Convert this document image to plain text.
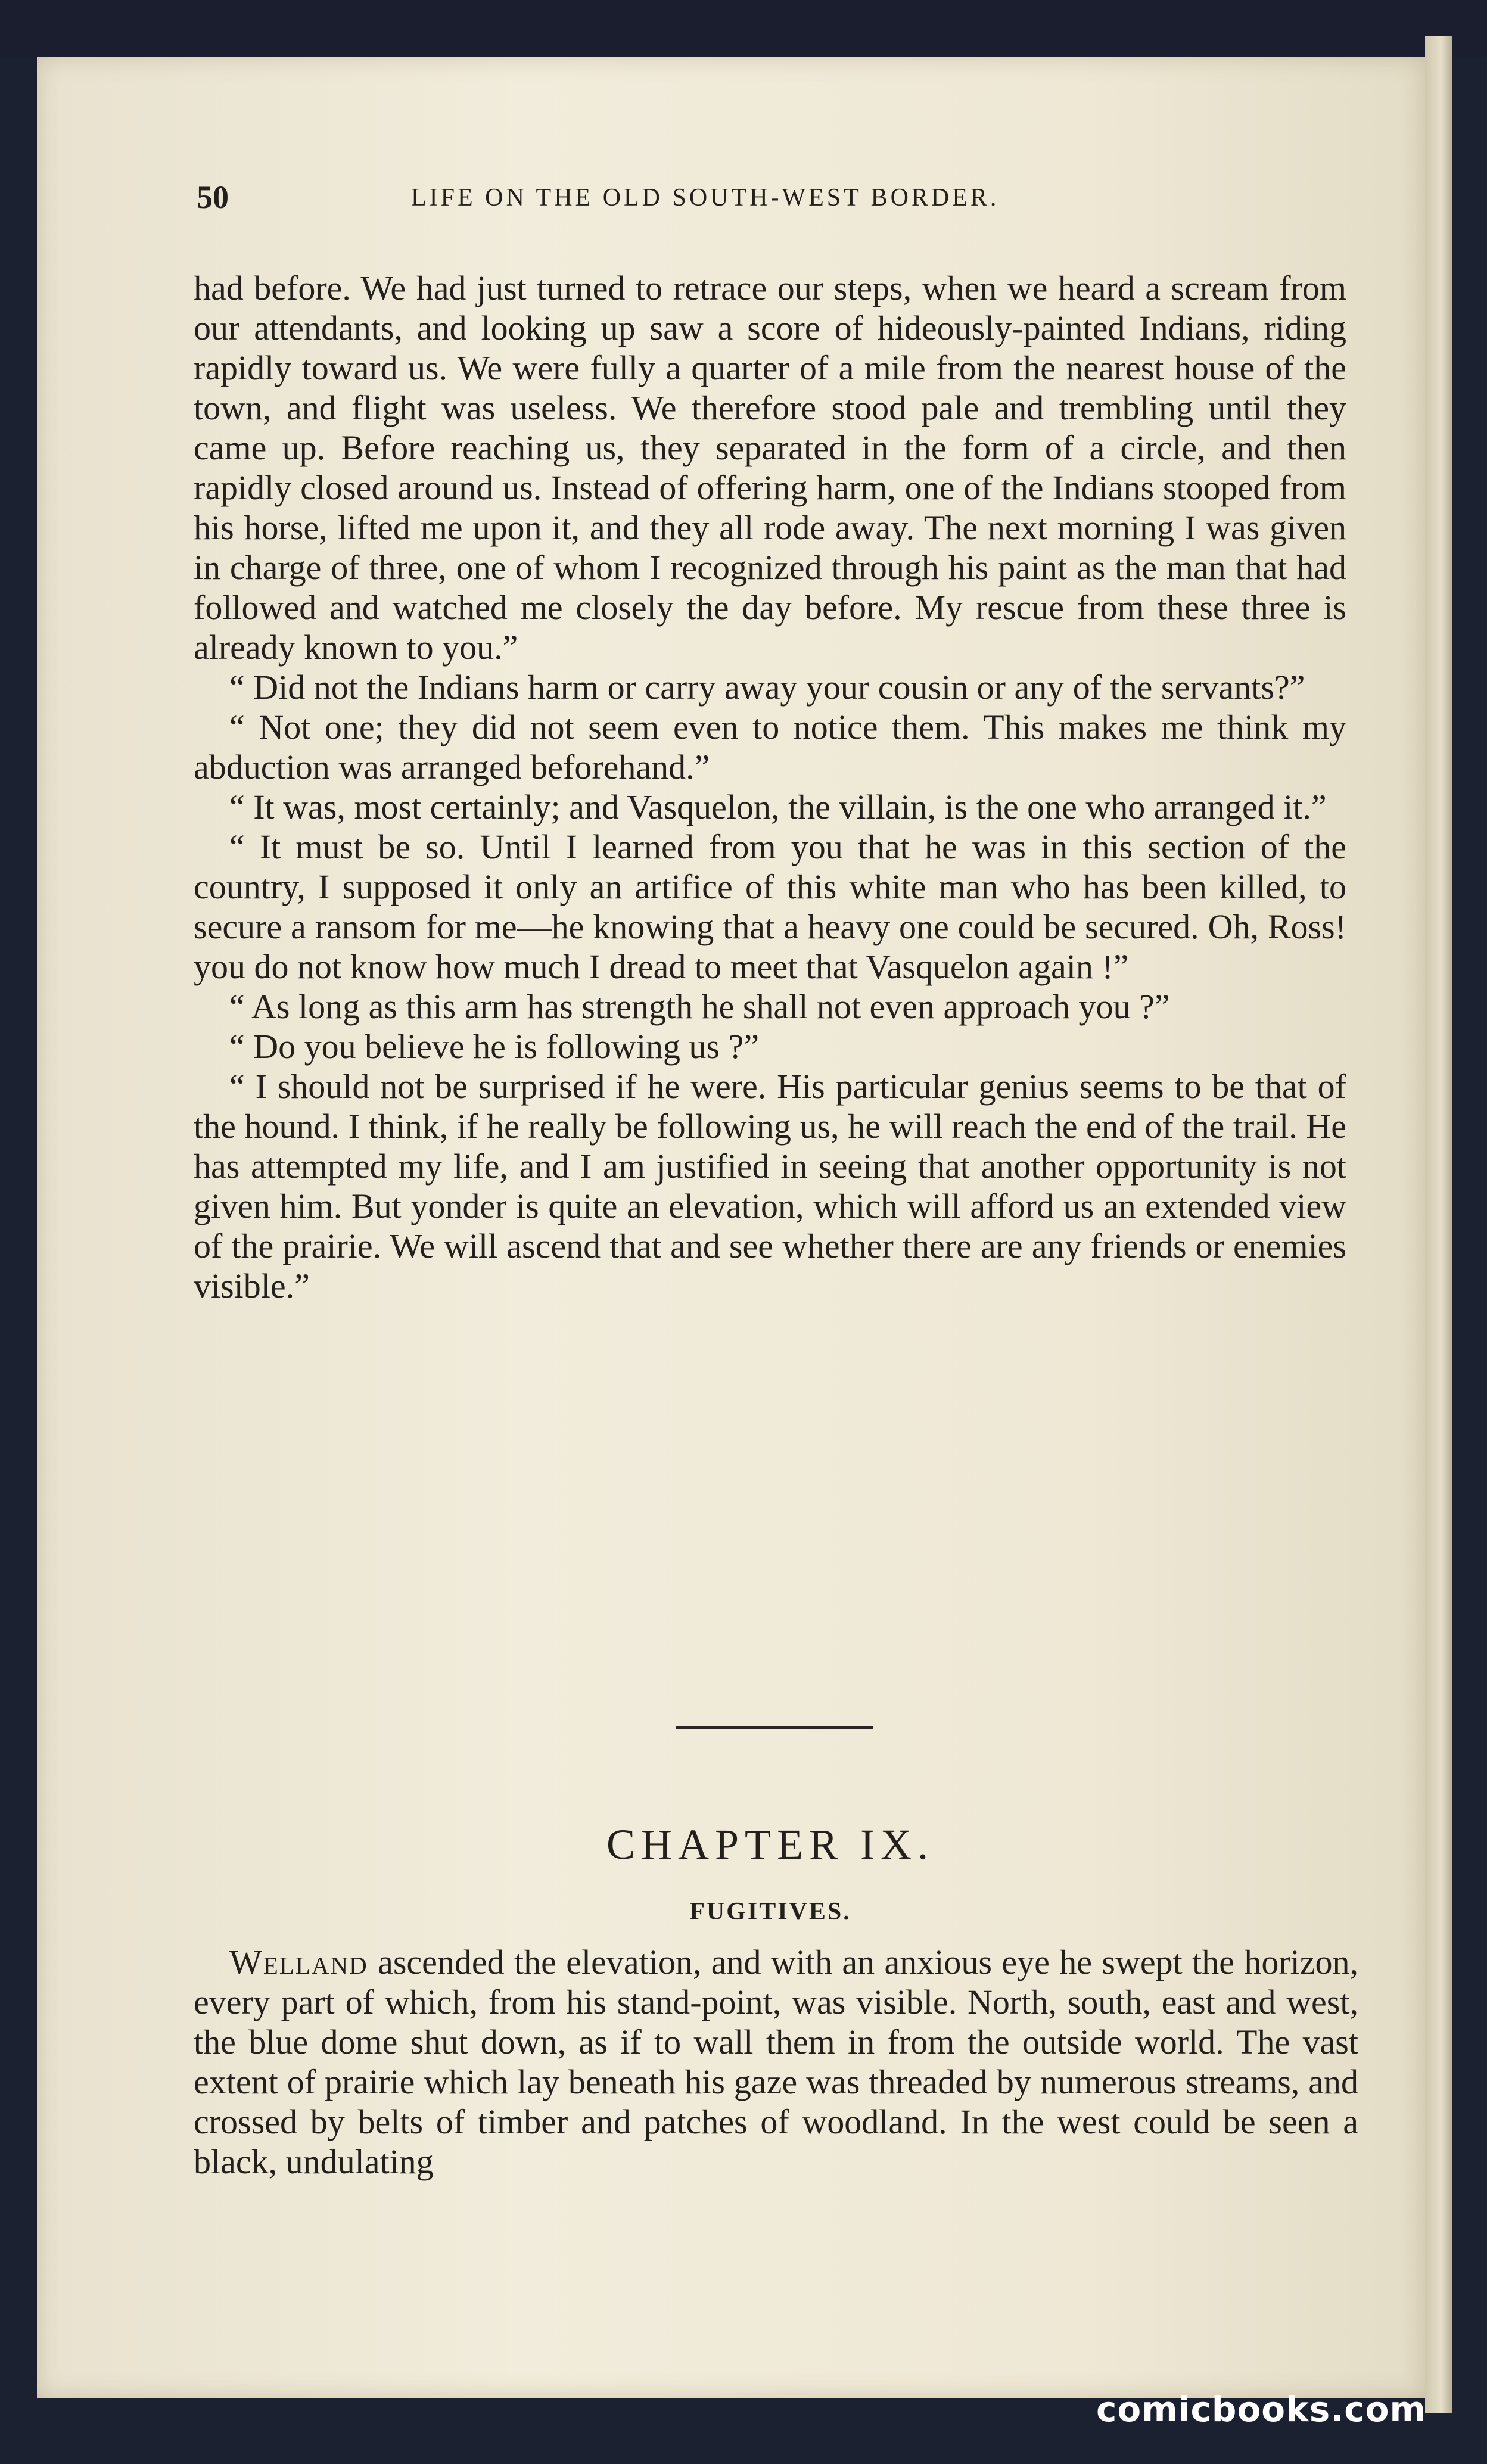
50	LIFE ON THE OLD SOUTH-WEST BORDER.

had before. We had just turned to retrace our steps, when we heard a scream from our attendants, and looking up saw a score of hideously-painted Indians, riding rapidly toward us. We were fully a quarter of a mile from the nearest house of the town, and flight was useless. We therefore stood pale and trembling until they came up. Before reaching us, they separated in the form of a circle, and then rapidly closed around us. Instead of offering harm, one of the Indians stooped from his horse, lifted me upon it, and they all rode away. The next morning I was given in charge of three, one of whom I recognized through his paint as the man that had followed and watched me closely the day before. My rescue from these three is already known to you.”

“ Did not the Indians harm or carry away your cousin or any of the servants?”

“ Not one; they did not seem even to notice them. This makes me think my abduction was arranged beforehand.”

“ It was, most certainly; and Vasquelon, the villain, is the one who arranged it.”

“ It must be so. Until I learned from you that he was in this section of the country, I supposed it only an artifice of this white man who has been killed, to secure a ransom for me—he knowing that a heavy one could be secured. Oh, Ross! you do not know how much I dread to meet that Vasquelon again !”

“ As long as this arm has strength he shall not even approach you ?”

“ Do you believe he is following us ?”

“ I should not be surprised if he were. His particular genius seems to be that of the hound. I think, if he really be following us, he will reach the end of the trail. He has attempted my life, and I am justified in seeing that another opportunity is not given him. But yonder is quite an elevation, which will afford us an extended view of the prairie. We will ascend that and see whether there are any friends or enemies visible.”

CHAPTER IX.
FUGITIVES.

Welland ascended the elevation, and with an anxious eye he swept the horizon, every part of which, from his stand-point, was visible. North, south, east and west, the blue dome shut down, as if to wall them in from the outside world. The vast extent of prairie which lay beneath his gaze was threaded by numerous streams, and crossed by belts of timber and patches of woodland. In the west could be seen a black, undulating

comicbooks.com
